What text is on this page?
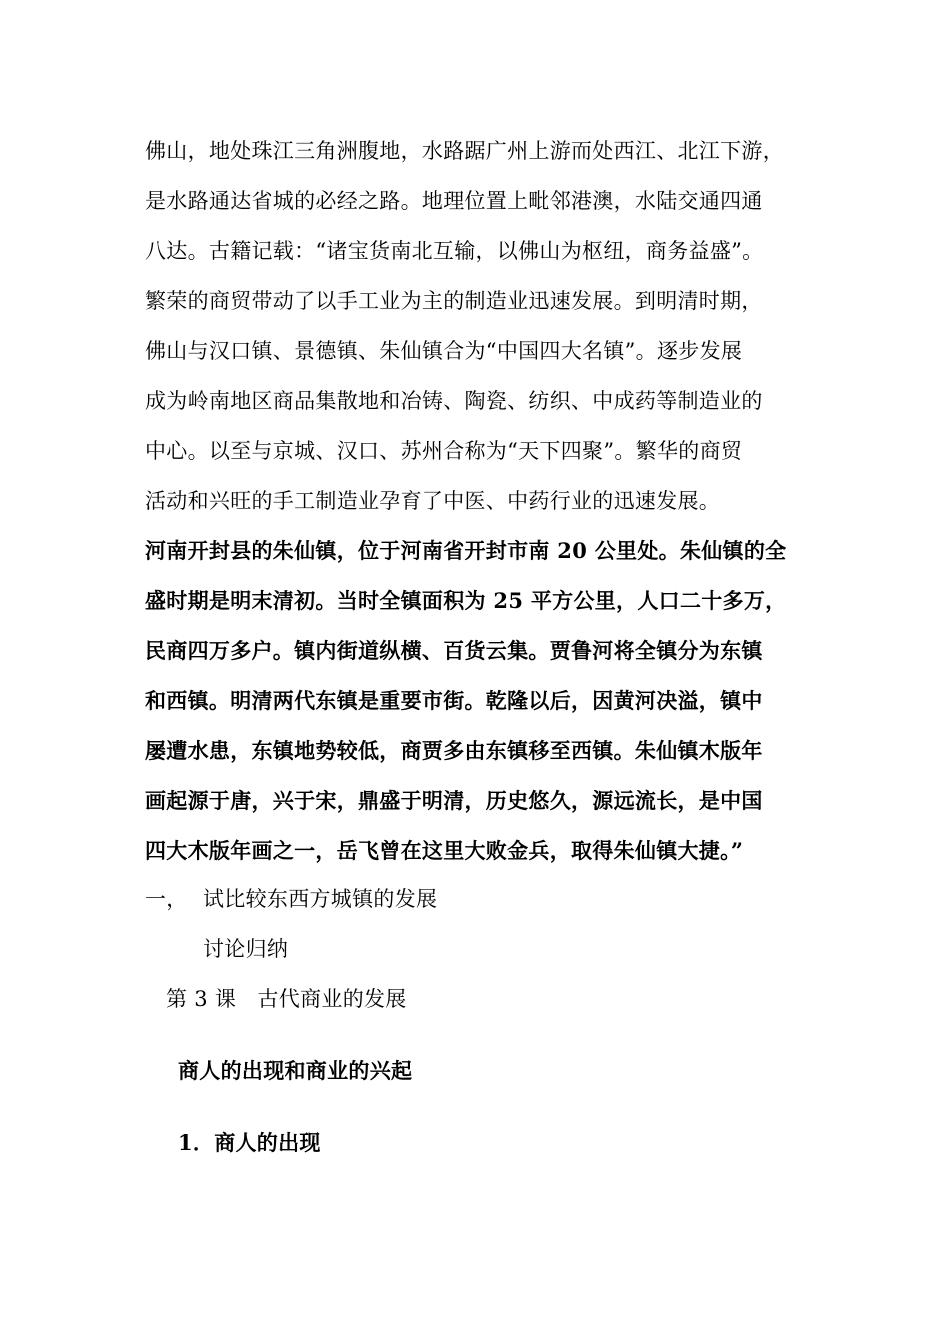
佛山，地处珠江三角洲腹地，水路踞广州上游而处西江、北江下游，
是水路通达省城的必经之路。地理位置上毗邻港澳，水陆交通四通
八达。古籍记载：“诸宝货南北互输，以佛山为枢纽，商务益盛”。
繁荣的商贸带动了以手工业为主的制造业迅速发展。到明清时期，
佛山与汉口镇、景德镇、朱仙镇合为“中国四大名镇”。逐步发展
成为岭南地区商品集散地和冶铸、陶瓷、纺织、中成药等制造业的
中心。以至与京城、汉口、苏州合称为“天下四聚”。繁华的商贸
活动和兴旺的手工制造业孕育了中医、中药行业的迅速发展。
河南开封县的朱仙镇，位于河南省开封市南 20 公里处。朱仙镇的全
盛时期是明末清初。当时全镇面积为 25 平方公里，人口二十多万，
民商四万多户。镇内街道纵横、百货云集。贾鲁河将全镇分为东镇
和西镇。明清两代东镇是重要市街。乾隆以后，因黄河决溢，镇中
屡遭水患，东镇地势较低，商贾多由东镇移至西镇。朱仙镇木版年
画起源于唐，兴于宋，鼎盛于明清，历史悠久，源远流长，是中国
四大木版年画之一，岳飞曾在这里大败金兵，取得朱仙镇大捷。”
一， 试比较东西方城镇的发展
讨论归纳
第 3 课　古代商业的发展
商人的出现和商业的兴起
1．商人的出现
